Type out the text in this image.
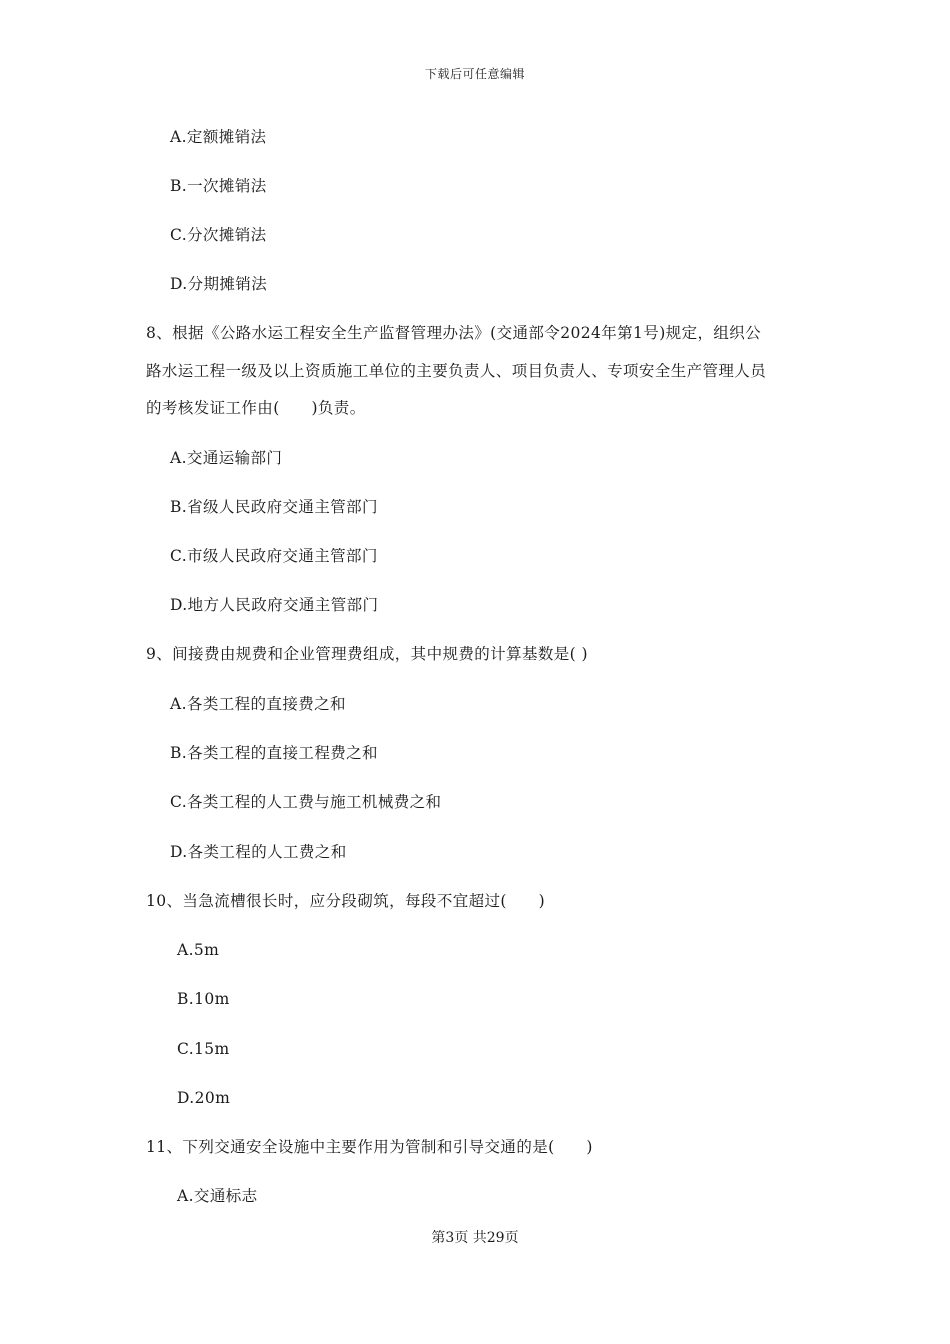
下载后可任意编辑
A.定额摊销法
B.一次摊销法
C.分次摊销法
D.分期摊销法
8、根据《公路水运工程安全生产监督管理办法》(交通部令2024年第1号)规定，组织公
路水运工程一级及以上资质施工单位的主要负责人、项目负责人、专项安全生产管理人员
的考核发证工作由(　　)负责。
A.交通运输部门
B.省级人民政府交通主管部门
C.市级人民政府交通主管部门
D.地方人民政府交通主管部门
9、间接费由规费和企业管理费组成，其中规费的计算基数是( )
A.各类工程的直接费之和
B.各类工程的直接工程费之和
C.各类工程的人工费与施工机械费之和
D.各类工程的人工费之和
10、当急流槽很长时，应分段砌筑，每段不宜超过(　　)
A.5m
B.10m
C.15m
D.20m
11、下列交通安全设施中主要作用为管制和引导交通的是(　　)
A.交通标志
第3页 共29页
